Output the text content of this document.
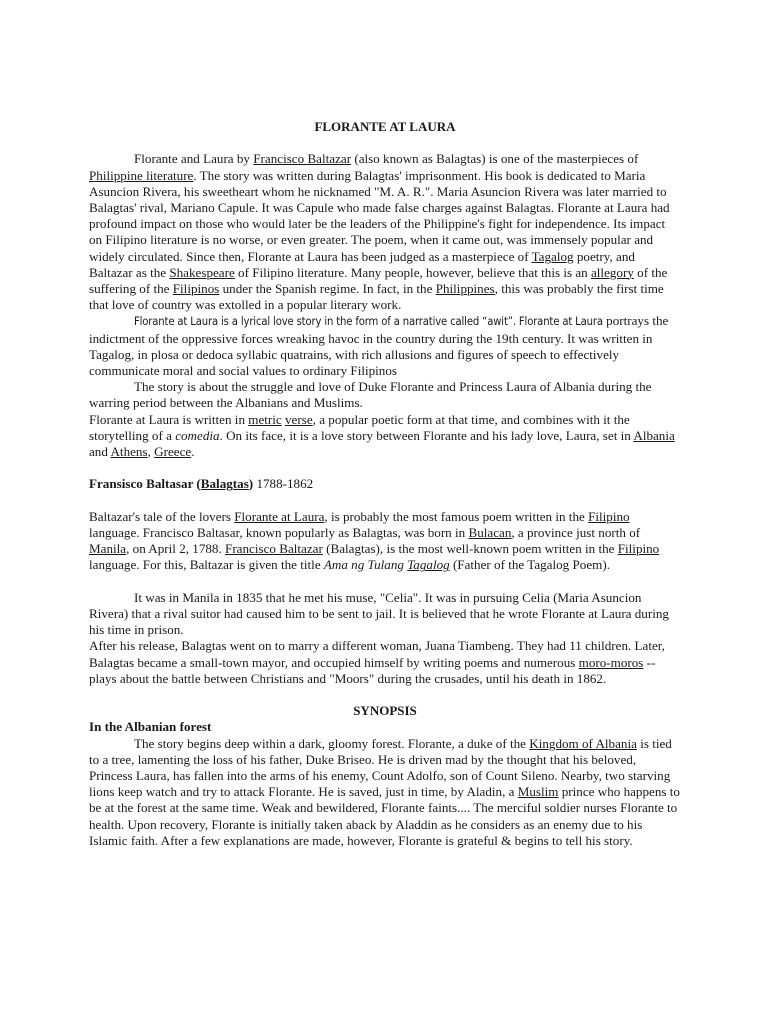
FLORANTE AT LAURA

Florante and Laura by Francisco Baltazar (also known as Balagtas) is one of the masterpieces of Philippine literature. The story was written during Balagtas' imprisonment. His book is dedicated to Maria Asuncion Rivera, his sweetheart whom he nicknamed "M. A. R.". Maria Asuncion Rivera was later married to Balagtas' rival, Mariano Capule. It was Capule who made false charges against Balagtas. Florante at Laura had profound impact on those who would later be the leaders of the Philippine's fight for independence. Its impact on Filipino literature is no worse, or even greater. The poem, when it came out, was immensely popular and widely circulated. Since then, Florante at Laura has been judged as a masterpiece of Tagalog poetry, and Baltazar as the Shakespeare of Filipino literature. Many people, however, believe that this is an allegory of the suffering of the Filipinos under the Spanish regime. In fact, in the Philippines, this was probably the first time that love of country was extolled in a popular literary work.

Florante at Laura is a lyrical love story in the form of a narrative called “awit”. Florante at Laura portrays the indictment of the oppressive forces wreaking havoc in the country during the 19th century. It was written in Tagalog, in plosa or dedoca syllabic quatrains, with rich allusions and figures of speech to effectively communicate moral and social values to ordinary Filipinos

The story is about the struggle and love of Duke Florante and Princess Laura of Albania during the warring period between the Albanians and Muslims.

Florante at Laura is written in metric verse, a popular poetic form at that time, and combines with it the storytelling of a comedia. On its face, it is a love story between Florante and his lady love, Laura, set in Albania and Athens, Greece.

Fransisco Baltasar (Balagtas) 1788-1862

Baltazar's tale of the lovers Florante at Laura, is probably the most famous poem written in the Filipino language. Francisco Baltasar, known popularly as Balagtas, was born in Bulacan, a province just north of Manila, on April 2, 1788. Francisco Baltazar (Balagtas), is the most well-known poem written in the Filipino language. For this, Baltazar is given the title Ama ng Tulang Tagalog (Father of the Tagalog Poem).

It was in Manila in 1835 that he met his muse, "Celia". It was in pursuing Celia (Maria Asuncion Rivera) that a rival suitor had caused him to be sent to jail. It is believed that he wrote Florante at Laura during his time in prison.

After his release, Balagtas went on to marry a different woman, Juana Tiambeng. They had 11 children. Later, Balagtas became a small-town mayor, and occupied himself by writing poems and numerous moro-moros -- plays about the battle between Christians and "Moors" during the crusades, until his death in 1862.

SYNOPSIS

In the Albanian forest

The story begins deep within a dark, gloomy forest. Florante, a duke of the Kingdom of Albania is tied to a tree, lamenting the loss of his father, Duke Briseo. He is driven mad by the thought that his beloved, Princess Laura, has fallen into the arms of his enemy, Count Adolfo, son of Count Sileno. Nearby, two starving lions keep watch and try to attack Florante. He is saved, just in time, by Aladin, a Muslim prince who happens to be at the forest at the same time. Weak and bewildered, Florante faints.... The merciful soldier nurses Florante to health. Upon recovery, Florante is initially taken aback by Aladdin as he considers as an enemy due to his Islamic faith. After a few explanations are made, however, Florante is grateful & begins to tell his story.
